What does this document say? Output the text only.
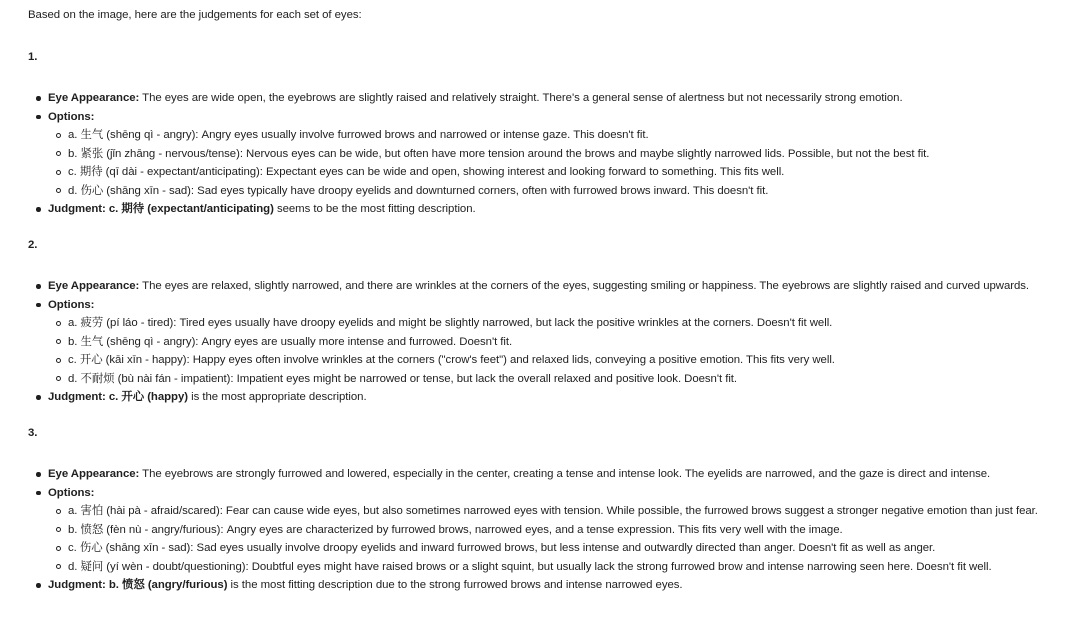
Based on the image, here are the judgements for each set of eyes:
1.
Eye Appearance: The eyes are wide open, the eyebrows are slightly raised and relatively straight. There's a general sense of alertness but not necessarily strong emotion.
Options:
a. 生气 (shēng qì - angry): Angry eyes usually involve furrowed brows and narrowed or intense gaze. This doesn't fit.
b. 紧张 (jǐn zhāng - nervous/tense): Nervous eyes can be wide, but often have more tension around the brows and maybe slightly narrowed lids. Possible, but not the best fit.
c. 期待 (qī dài - expectant/anticipating): Expectant eyes can be wide and open, showing interest and looking forward to something. This fits well.
d. 伤心 (shāng xīn - sad): Sad eyes typically have droopy eyelids and downturned corners, often with furrowed brows inward. This doesn't fit.
Judgment: c. 期待 (expectant/anticipating) seems to be the most fitting description.
2.
Eye Appearance: The eyes are relaxed, slightly narrowed, and there are wrinkles at the corners of the eyes, suggesting smiling or happiness. The eyebrows are slightly raised and curved upwards.
Options:
a. 疲劳 (pí láo - tired): Tired eyes usually have droopy eyelids and might be slightly narrowed, but lack the positive wrinkles at the corners. Doesn't fit well.
b. 生气 (shēng qì - angry): Angry eyes are usually more intense and furrowed. Doesn't fit.
c. 开心 (kāi xīn - happy): Happy eyes often involve wrinkles at the corners ("crow's feet") and relaxed lids, conveying a positive emotion. This fits very well.
d. 不耐烦 (bù nài fán - impatient): Impatient eyes might be narrowed or tense, but lack the overall relaxed and positive look. Doesn't fit.
Judgment: c. 开心 (happy) is the most appropriate description.
3.
Eye Appearance: The eyebrows are strongly furrowed and lowered, especially in the center, creating a tense and intense look. The eyelids are narrowed, and the gaze is direct and intense.
Options:
a. 害怕 (hài pà - afraid/scared): Fear can cause wide eyes, but also sometimes narrowed eyes with tension. While possible, the furrowed brows suggest a stronger negative emotion than just fear.
b. 愤怒 (fèn nù - angry/furious): Angry eyes are characterized by furrowed brows, narrowed eyes, and a tense expression. This fits very well with the image.
c. 伤心 (shāng xīn - sad): Sad eyes usually involve droopy eyelids and inward furrowed brows, but less intense and outwardly directed than anger. Doesn't fit as well as anger.
d. 疑问 (yí wèn - doubt/questioning): Doubtful eyes might have raised brows or a slight squint, but usually lack the strong furrowed brow and intense narrowing seen here. Doesn't fit well.
Judgment: b. 愤怒 (angry/furious) is the most fitting description due to the strong furrowed brows and intense narrowed eyes.
